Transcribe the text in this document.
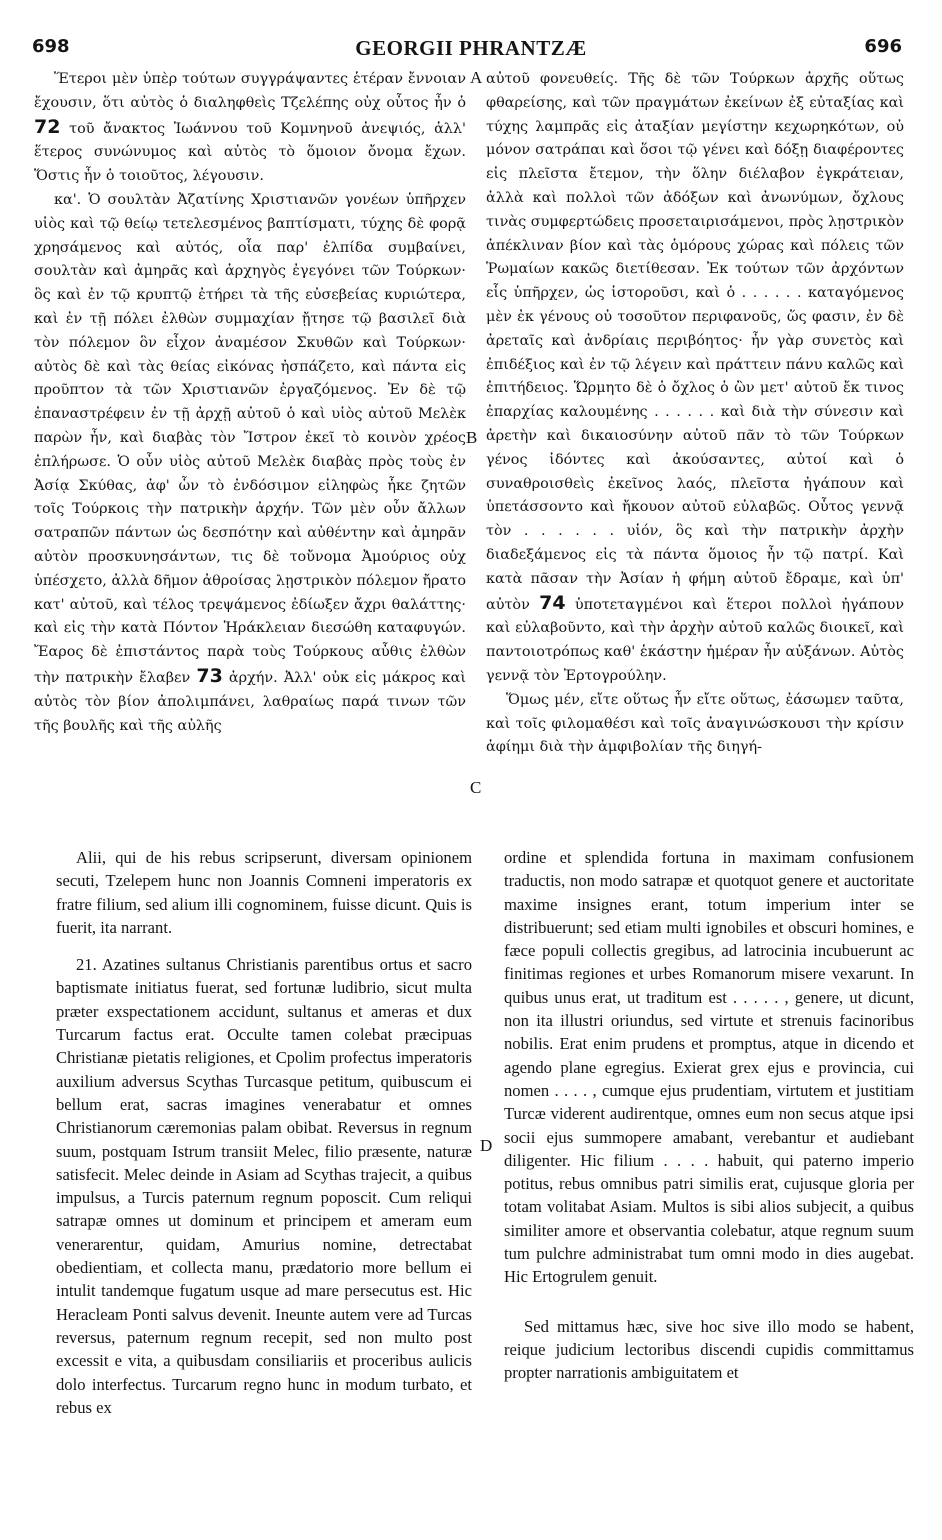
698	GEORGII PHRANTZÆ	696

Ἕτεροι μὲν ὑπὲρ τούτων συγγράψαντες ἑτέραν ἔννοιαν ἔχουσιν, ὅτι αὐτὸς ὁ διαληφθεὶς Τζελέπης οὐχ οὗτος ἦν ὁ 72 τοῦ ἄνακτος Ἰωάννου τοῦ Κομνηνοῦ ἀνεψιός, ἀλλ' ἕτερος συνώνυμος καὶ αὐτὸς τὸ ὅμοιον ὄνομα ἔχων. Ὅστις ἦν ὁ τοιοῦτος, λέγουσιν.

κα'. Ὁ σουλτὰν Ἀζατίνης Χριστιανῶν γονέων ὑπῆρχεν υἱὸς καὶ τῷ θείῳ τετελεσμένος βαπτίσματι, τύχης δὲ φορᾷ χρησάμενος καὶ αὐτός, οἷα παρ' ἐλπίδα συμβαίνει, σουλτὰν καὶ ἀμηρᾶς καὶ ἀρχηγὸς ἐγεγόνει τῶν Τούρκων· ὃς καὶ ἐν τῷ κρυπτῷ ἐτήρει τὰ τῆς εὐσεβείας κυριώτερα, καὶ ἐν τῇ πόλει ἐλθὼν συμμαχίαν ᾔτησε τῷ βασιλεῖ διὰ τὸν πόλεμον ὃν εἶχον ἀναμέσον Σκυθῶν καὶ Τούρκων· αὐτὸς δὲ καὶ τὰς θείας εἰκόνας ἠσπάζετο, καὶ πάντα εἰς προῦπτον τὰ τῶν Χριστιανῶν ἐργαζόμενος. Ἐν δὲ τῷ ἐπαναστρέφειν ἐν τῇ ἀρχῇ αὐτοῦ ὁ καὶ υἱὸς αὐτοῦ Μελὲκ παρὼν ἦν, καὶ διαβὰς τὸν Ἴστρον ἐκεῖ τὸ κοινὸν χρέος ἐπλήρωσε. Ὁ οὖν υἱὸς αὐτοῦ Μελὲκ διαβὰς πρὸς τοὺς ἐν Ἀσίᾳ Σκύθας, ἀφ' ὧν τὸ ἐνδόσιμον εἰληφὼς ἧκε ζητῶν τοῖς Τούρκοις τὴν πατρικὴν ἀρχήν. Τῶν μὲν οὖν ἄλλων σατραπῶν πάντων ὡς δεσπότην καὶ αὐθέντην καὶ ἀμηρᾶν αὐτὸν προσκυνησάντων, τις δὲ τοὔνομα Ἀμούριος οὐχ ὑπέσχετο, ἀλλὰ δῆμον ἀθροίσας λῃστρικὸν πόλεμον ἤρατο κατ' αὐτοῦ, καὶ τέλος τρεψάμενος ἐδίωξεν ἄχρι θαλάττης· καὶ εἰς τὴν κατὰ Πόντον Ἡράκλειαν διεσώθη καταφυγών. Ἔαρος δὲ ἐπιστάντος παρὰ τοὺς Τούρκους αὖθις ἐλθὼν τὴν πατρικὴν ἔλαβεν 73 ἀρχήν. Ἀλλ' οὐκ εἰς μάκρος καὶ αὐτὸς τὸν βίον ἀπολιμπάνει, λαθραίως παρά τινων τῶν τῆς βουλῆς καὶ τῆς αὐλῆς

αὐτοῦ φονευθείς. Τῆς δὲ τῶν Τούρκων ἀρχῆς οὕτως φθαρείσης, καὶ τῶν πραγμάτων ἐκείνων ἐξ εὐταξίας καὶ τύχης λαμπρᾶς εἰς ἀταξίαν μεγίστην κεχωρηκότων, οὐ μόνον σατράπαι καὶ ὅσοι τῷ γένει καὶ δόξῃ διαφέροντες εἰς πλεῖστα ἔτεμον, τὴν ὅλην διέλαβον ἐγκράτειαν, ἀλλὰ καὶ πολλοὶ τῶν ἀδόξων καὶ ἀνωνύμων, ὄχλους τινὰς συμφερτώδεις προσεταιρισάμενοι, πρὸς λῃστρικὸν ἀπέκλιναν βίον καὶ τὰς ὁμόρους χώρας καὶ πόλεις τῶν Ῥωμαίων κακῶς διετίθεσαν. Ἐκ τούτων τῶν ἀρχόντων εἷς ὑπῆρχεν, ὡς ἱστοροῦσι, καὶ ὁ . . . . . . καταγόμενος μὲν ἐκ γένους οὐ τοσοῦτον περιφανοῦς, ὥς φασιν, ἐν δὲ ἀρεταῖς καὶ ἀνδρίαις περιβόητος· ἦν γὰρ συνετὸς καὶ ἐπιδέξιος καὶ ἐν τῷ λέγειν καὶ πράττειν πάνυ καλῶς καὶ ἐπιτήδειος. Ὥρμητο δὲ ὁ ὄχλος ὁ ὢν μετ' αὐτοῦ ἔκ τινος ἐπαρχίας καλουμένης . . . . . . καὶ διὰ τὴν σύνεσιν καὶ ἀρετὴν καὶ δικαιοσύνην αὐτοῦ πᾶν τὸ τῶν Τούρκων γένος ἰδόντες καὶ ἀκούσαντες, αὐτοί καὶ ὁ συναθροισθεὶς ἐκεῖνος λαός, πλεῖστα ἠγάπουν καὶ ὑπετάσσοντο καὶ ἤκουον αὐτοῦ εὐλαβῶς. Οὗτος γεννᾷ τὸν . . . . . . υἱόν, ὃς καὶ τὴν πατρικὴν ἀρχὴν διαδεξάμενος εἰς τὰ πάντα ὅμοιος ἦν τῷ πατρί. Καὶ κατὰ πᾶσαν τὴν Ἀσίαν ἡ φήμη αὐτοῦ ἔδραμε, καὶ ὑπ' αὐτὸν 74 ὑποτεταγμένοι καὶ ἕτεροι πολλοὶ ἠγάπουν καὶ εὐλαβοῦντο, καὶ τὴν ἀρχὴν αὐτοῦ καλῶς διοικεῖ, καὶ παντοιοτρόπως καθ' ἑκάστην ἡμέραν ἦν αὐξάνων. Αὐτὸς γεννᾷ τὸν Ἐρτογρούλην.

Ὅμως μέν, εἴτε οὕτως ἦν εἴτε οὕτως, ἐάσωμεν ταῦτα, καὶ τοῖς φιλομαθέσι καὶ τοῖς ἀναγινώσκουσι τὴν κρίσιν ἀφίημι διὰ τὴν ἀμφιβολίαν τῆς διηγή-

A
B
C
D

Alii, qui de his rebus scripserunt, diversam opinionem secuti, Tzelepem hunc non Joannis Comneni imperatoris ex fratre filium, sed alium illi cognominem, fuisse dicunt. Quis is fuerit, ita narrant.

21. Azatines sultanus Christianis parentibus ortus et sacro baptismate initiatus fuerat, sed fortunæ ludibrio, sicut multa præter exspectationem accidunt, sultanus et ameras et dux Turcarum factus erat. Occulte tamen colebat præcipuas Christianæ pietatis religiones, et Cpolim profectus imperatoris auxilium adversus Scythas Turcasque petitum, quibuscum ei bellum erat, sacras imagines venerabatur et omnes Christianorum cæremonias palam obibat. Reversus in regnum suum, postquam Istrum transiit Melec, filio præsente, naturæ satisfecit. Melec deinde in Asiam ad Scythas trajecit, a quibus impulsus, a Turcis paternum regnum poposcit. Cum reliqui satrapæ omnes ut dominum et principem et ameram eum venerarentur, quidam, Amurius nomine, detrectabat obedientiam, et collecta manu, prædatorio more bellum ei intulit tandemque fugatum usque ad mare persecutus est. Hic Heracleam Ponti salvus devenit. Ineunte autem vere ad Turcas reversus, paternum regnum recepit, sed non multo post excessit e vita, a quibusdam consiliariis et proceribus aulicis dolo interfectus. Turcarum regno hunc in modum turbato, et rebus ex

ordine et splendida fortuna in maximam confusionem traductis, non modo satrapæ et quotquot genere et auctoritate maxime insignes erant, totum imperium inter se distribuerunt; sed etiam multi ignobiles et obscuri homines, e fæce populi collectis gregibus, ad latrocinia incubuerunt ac finitimas regiones et urbes Romanorum misere vexarunt. In quibus unus erat, ut traditum est . . . . . , genere, ut dicunt, non ita illustri oriundus, sed virtute et strenuis facinoribus nobilis. Erat enim prudens et promptus, atque in dicendo et agendo plane egregius. Exierat grex ejus e provincia, cui nomen . . . . , cumque ejus prudentiam, virtutem et justitiam Turcæ viderent audirentque, omnes eum non secus atque ipsi socii ejus summopere amabant, verebantur et audiebant diligenter. Hic filium . . . . habuit, qui paterno imperio potitus, rebus omnibus patri similis erat, cujusque gloria per totam volitabat Asiam. Multos is sibi alios subjecit, a quibus similiter amore et observantia colebatur, atque regnum suum tum pulchre administrabat tum omni modo in dies augebat. Hic Ertogrulem genuit.

Sed mittamus hæc, sive hoc sive illo modo se habent, reique judicium lectoribus discendi cupidis committamus propter narrationis ambiguitatem et
